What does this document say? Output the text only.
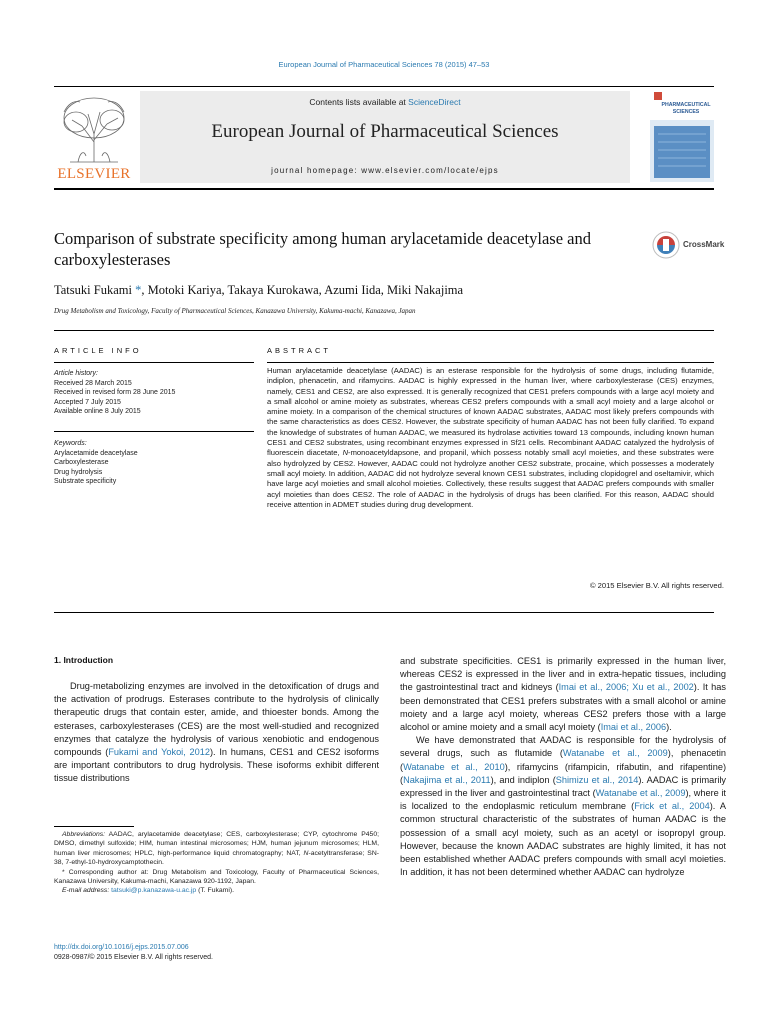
European Journal of Pharmaceutical Sciences 78 (2015) 47–53
ELSEVIER
Contents lists available at ScienceDirect
European Journal of Pharmaceutical Sciences
journal homepage: www.elsevier.com/locate/ejps
PHARMACEUTICAL
SCIENCES
Comparison of substrate specificity among human arylacetamide deacetylase and carboxylesterases
CrossMark
Tatsuki Fukami *, Motoki Kariya, Takaya Kurokawa, Azumi Iida, Miki Nakajima
Drug Metabolism and Toxicology, Faculty of Pharmaceutical Sciences, Kanazawa University, Kakuma-machi, Kanazawa, Japan
ARTICLE INFO	ABSTRACT
Article history:
Received 28 March 2015
Received in revised form 28 June 2015
Accepted 7 July 2015
Available online 8 July 2015
Keywords:
Arylacetamide deacetylase
Carboxylesterase
Drug hydrolysis
Substrate specificity

Human arylacetamide deacetylase (AADAC) is an esterase responsible for the hydrolysis of some drugs, including flutamide, indiplon, phenacetin, and rifamycins. AADAC is highly expressed in the human liver, where carboxylesterase (CES) enzymes, namely, CES1 and CES2, are also expressed. It is generally recognized that CES1 prefers compounds with a large acyl moiety and a small alcohol or amine moiety as substrates, whereas CES2 prefers compounds with a small acyl moiety and a large alcohol or amine moiety. In a comparison of the chemical structures of known AADAC substrates, AADAC most likely prefers compounds with the same characteristics as does CES2. However, the substrate specificity of human AADAC has not been fully clarified. To expand the knowledge of substrates of human AADAC, we measured its hydrolase activities toward 13 compounds, including known human CES1 and CES2 substrates, using recombinant enzymes expressed in Sf21 cells. Recombinant AADAC catalyzed the hydrolysis of fluorescein diacetate, N-monoacetyldapsone, and propanil, which possess notably small acyl moieties, and these substrates were also hydrolyzed by CES2. However, AADAC could not hydrolyze another CES2 substrate, procaine, which possesses a moderately small acyl moiety. In addition, AADAC did not hydrolyze several known CES1 substrates, including clopidogrel and oseltamivir, which have large acyl moieties and small alcohol moieties. Collectively, these results suggest that AADAC prefers compounds with smaller acyl moieties than does CES2. The role of AADAC in the hydrolysis of drugs has been clarified. For this reason, AADAC should receive attention in ADMET studies during drug development.

© 2015 Elsevier B.V. All rights reserved.
1. Introduction

Drug-metabolizing enzymes are involved in the detoxification of drugs and the activation of prodrugs. Esterases contribute to the hydrolysis of clinically therapeutic drugs that contain ester, amide, and thioester bonds. Among the esterases, carboxylesterases (CES) are the most well-studied and recognized enzymes that catalyze the hydrolysis of various xenobiotic and endogenous compounds (Fukami and Yokoi, 2012). In humans, CES1 and CES2 isoforms are important contributors to drug hydrolysis. These isoforms exhibit different tissue distributions

Abbreviations: AADAC, arylacetamide deacetylase; CES, carboxylesterase; CYP, cytochrome P450; DMSO, dimethyl sulfoxide; HIM, human intestinal microsomes; HJM, human jejunum microsomes; HLM, human liver microsomes; HPLC, high-performance liquid chromatography; NAT, N-acetyltransferase; SN-38, 7-ethyl-10-hydroxycamptothecin.

* Corresponding author at: Drug Metabolism and Toxicology, Faculty of Pharmaceutical Sciences, Kanazawa University, Kakuma-machi, Kanazawa 920-1192, Japan.

E-mail address: tatsuki@p.kanazawa-u.ac.jp (T. Fukami).

http://dx.doi.org/10.1016/j.ejps.2015.07.006
0928-0987/© 2015 Elsevier B.V. All rights reserved.

and substrate specificities. CES1 is primarily expressed in the human liver, whereas CES2 is expressed in the liver and in extra-hepatic tissues, including the gastrointestinal tract and kidneys (Imai et al., 2006; Xu et al., 2002). It has been demonstrated that CES1 prefers substrates with a small alcohol or amine moiety and a large acyl moiety, whereas CES2 prefers those with a large alcohol or amine moiety and a small acyl moiety (Imai et al., 2006).

We have demonstrated that AADAC is responsible for the hydrolysis of several drugs, such as flutamide (Watanabe et al., 2009), phenacetin (Watanabe et al., 2010), rifamycins (rifampicin, rifabutin, and rifapentine) (Nakajima et al., 2011), and indiplon (Shimizu et al., 2014). AADAC is primarily expressed in the liver and gastrointestinal tract (Watanabe et al., 2009), where it is localized to the endoplasmic reticulum membrane (Frick et al., 2004). A common structural characteristic of the substrates of human AADAC is the possession of a small acyl moiety, such as an acetyl or isopropyl group. However, because the known AADAC substrates are highly limited, it has not been established whether AADAC prefers compounds with small acyl moieties. In addition, it has not been determined whether AADAC can hydrolyze
